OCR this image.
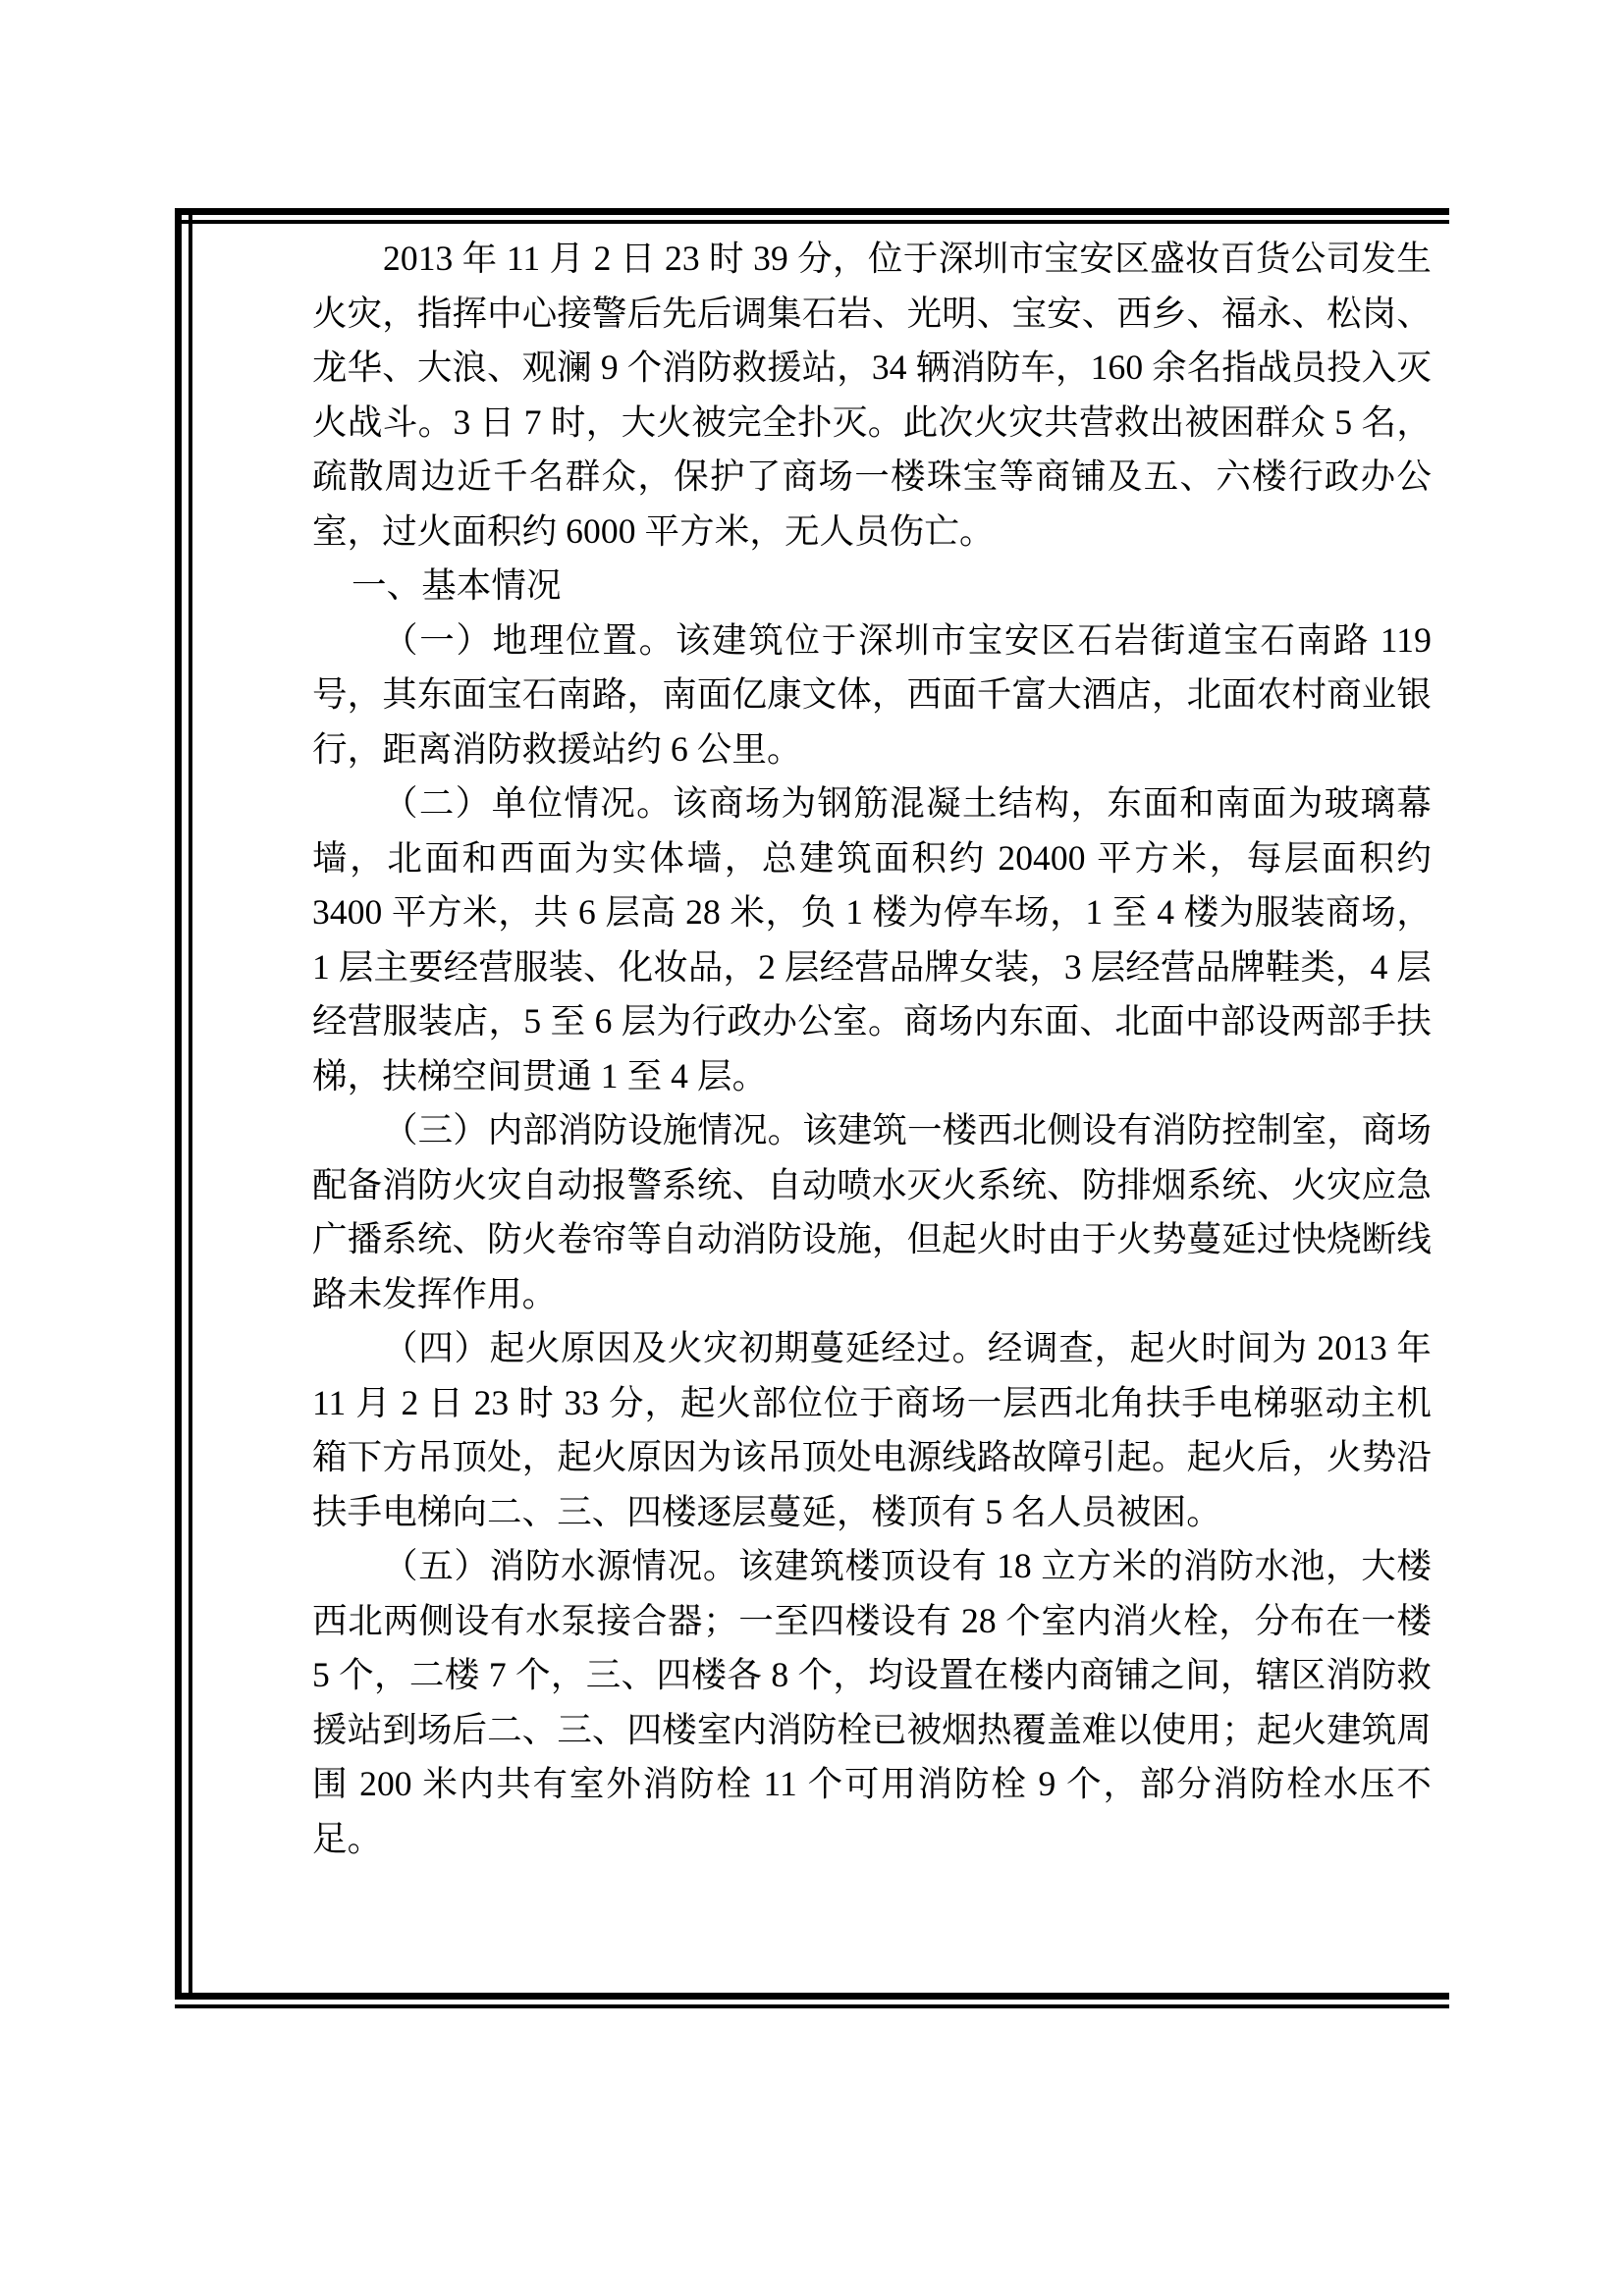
2013 年 11 月 2 日 23 时 39 分，位于深圳市宝安区盛妆百货公司发生火灾，指挥中心接警后先后调集石岩、光明、宝安、西乡、福永、松岗、龙华、大浪、观澜 9 个消防救援站，34 辆消防车，160 余名指战员投入灭火战斗。3 日 7 时，大火被完全扑灭。此次火灾共营救出被困群众 5 名，疏散周边近千名群众，保护了商场一楼珠宝等商铺及五、六楼行政办公室，过火面积约 6000 平方米，无人员伤亡。

一、基本情况

（一）地理位置。该建筑位于深圳市宝安区石岩街道宝石南路 119 号，其东面宝石南路，南面亿康文体，西面千富大酒店，北面农村商业银行，距离消防救援站约 6 公里。

（二）单位情况。该商场为钢筋混凝土结构，东面和南面为玻璃幕墙，北面和西面为实体墙，总建筑面积约 20400 平方米，每层面积约 3400 平方米，共 6 层高 28 米，负 1 楼为停车场，1 至 4 楼为服装商场，1 层主要经营服装、化妆品，2 层经营品牌女装，3 层经营品牌鞋类，4 层经营服装店，5 至 6 层为行政办公室。商场内东面、北面中部设两部手扶梯，扶梯空间贯通 1 至 4 层。

（三）内部消防设施情况。该建筑一楼西北侧设有消防控制室，商场配备消防火灾自动报警系统、自动喷水灭火系统、防排烟系统、火灾应急广播系统、防火卷帘等自动消防设施，但起火时由于火势蔓延过快烧断线路未发挥作用。

（四）起火原因及火灾初期蔓延经过。经调查，起火时间为 2013 年 11 月 2 日 23 时 33 分，起火部位位于商场一层西北角扶手电梯驱动主机箱下方吊顶处，起火原因为该吊顶处电源线路故障引起。起火后，火势沿扶手电梯向二、三、四楼逐层蔓延，楼顶有 5 名人员被困。

（五）消防水源情况。该建筑楼顶设有 18 立方米的消防水池，大楼西北两侧设有水泵接合器；一至四楼设有 28 个室内消火栓，分布在一楼 5 个，二楼 7 个，三、四楼各 8 个，均设置在楼内商铺之间，辖区消防救援站到场后二、三、四楼室内消防栓已被烟热覆盖难以使用；起火建筑周围 200 米内共有室外消防栓 11 个可用消防栓 9 个，部分消防栓水压不足。
